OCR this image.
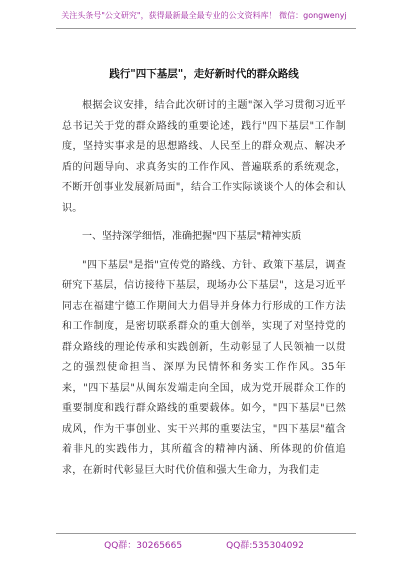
关注头条号"公文研究"，获得最新最全最专业的公文资料库！ 微信：gongwenyj
践行"四下基层"，走好新时代的群众路线

根据会议安排，结合此次研讨的主题"深入学习贯彻习近平总书记关于党的群众路线的重要论述，践行"四下基层"工作制度，坚持实事求是的思想路线、人民至上的群众观点、解决矛盾的问题导向、求真务实的工作作风、普遍联系的系统观念，不断开创事业发展新局面"，结合工作实际谈谈个人的体会和认识。

一、坚持深学细悟，准确把握"四下基层"精神实质

"四下基层"是指"宣传党的路线、方针、政策下基层，调查研究下基层，信访接待下基层，现场办公下基层"，这是习近平同志在福建宁德工作期间大力倡导并身体力行形成的工作方法和工作制度，是密切联系群众的重大创举，实现了对坚持党的群众路线的理论传承和实践创新，生动彰显了人民领袖一以贯之的强烈使命担当、深厚为民情怀和务实工作作风。35年来，"四下基层"从闽东发端走向全国，成为党开展群众工作的重要制度和践行群众路线的重要载体。如今，"四下基层"已然成风，作为干事创业、实干兴邦的重要法宝，"四下基层"蕴含着非凡的实践伟力，其所蕴含的精神内涵、所体现的价值追求，在新时代彰显巨大时代价值和强大生命力，为我们走

QQ群：30265665	QQ群:535304092
